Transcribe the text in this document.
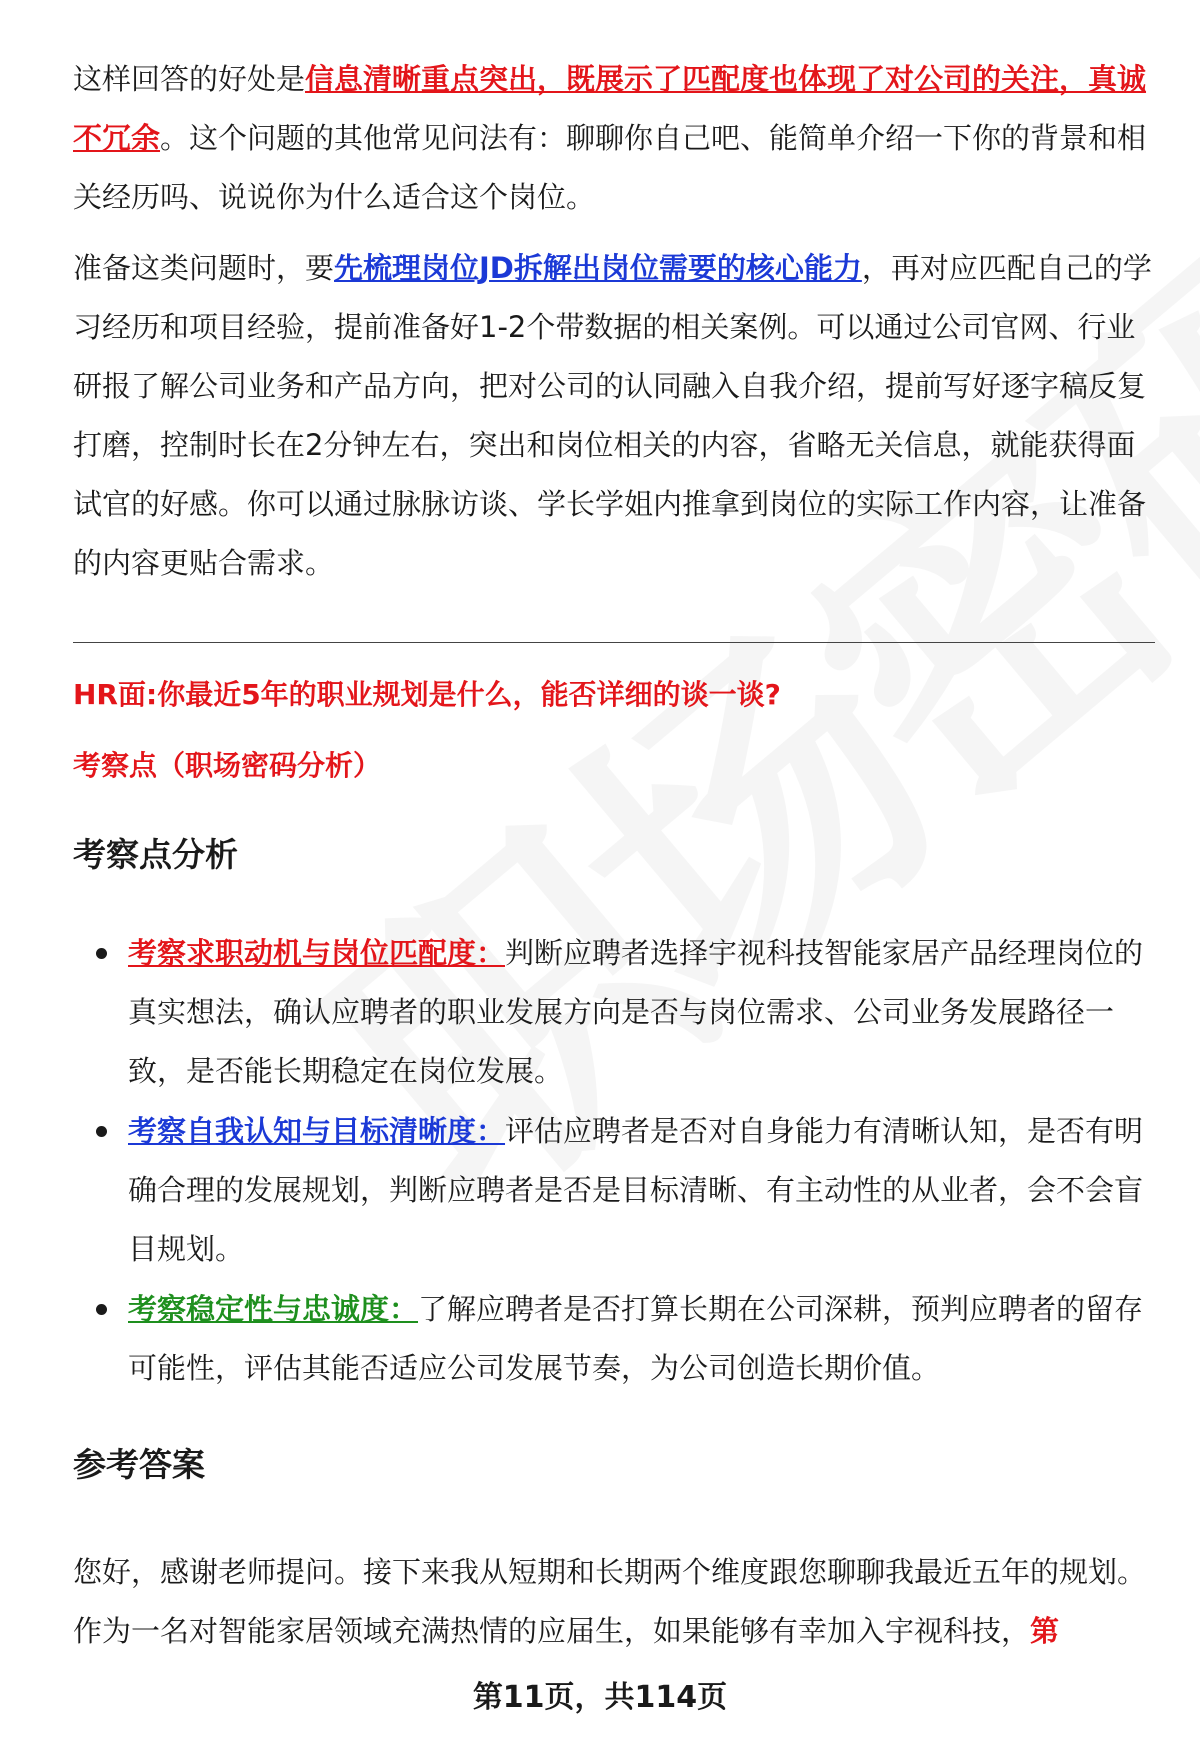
这样回答的好处是信息清晰重点突出，既展示了匹配度也体现了对公司的关注，真诚不冗余。这个问题的其他常见问法有：聊聊你自己吧、能简单介绍一下你的背景和相关经历吗、说说你为什么适合这个岗位。

准备这类问题时，要先梳理岗位JD拆解出岗位需要的核心能力，再对应匹配自己的学习经历和项目经验，提前准备好1-2个带数据的相关案例。可以通过公司官网、行业研报了解公司业务和产品方向，把对公司的认同融入自我介绍，提前写好逐字稿反复打磨，控制时长在2分钟左右，突出和岗位相关的内容，省略无关信息，就能获得面试官的好感。你可以通过脉脉访谈、学长学姐内推拿到岗位的实际工作内容，让准备的内容更贴合需求。

HR面:你最近5年的职业规划是什么，能否详细的谈一谈?

考察点（职场密码分析）

考察点分析
考察求职动机与岗位匹配度：判断应聘者选择宇视科技智能家居产品经理岗位的真实想法，确认应聘者的职业发展方向是否与岗位需求、公司业务发展路径一致，是否能长期稳定在岗位发展。
考察自我认知与目标清晰度：评估应聘者是否对自身能力有清晰认知，是否有明确合理的发展规划，判断应聘者是否是目标清晰、有主动性的从业者，会不会盲目规划。
考察稳定性与忠诚度：了解应聘者是否打算长期在公司深耕，预判应聘者的留存可能性，评估其能否适应公司发展节奏，为公司创造长期价值。
参考答案

您好，感谢老师提问。接下来我从短期和长期两个维度跟您聊聊我最近五年的规划。作为一名对智能家居领域充满热情的应届生，如果能够有幸加入宇视科技，第

第11页，共114页
